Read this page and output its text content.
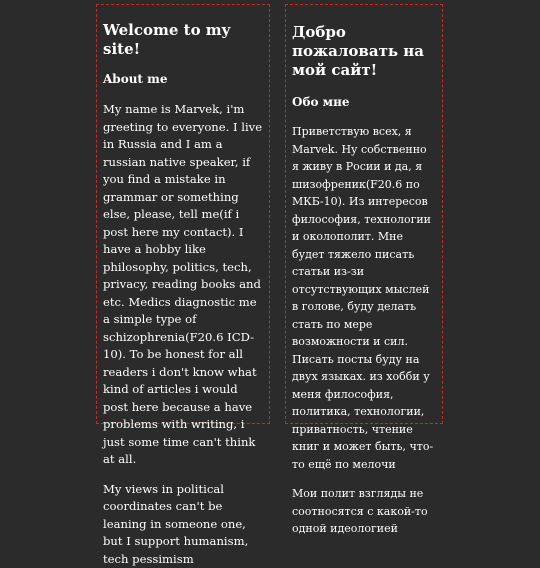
Welcome to my site!
About me

My name is Marvek, i'm greeting to everyone. I live in Russia and I am a russian native speaker, if you find a mistake in grammar or something else, please, tell me(if i post here my contact). I have a hobby like philosophy, politics, tech, privacy, reading books and etc. Medics diagnostic me a simple type of schizophrenia(F20.6 ICD-10). To be honest for all readers i don't know what kind of articles i would post here because a have problems with writing, i just some time can't think at all.

My views in political coordinates can't be leaning in someone one, but I support humanism, tech pessimism

Добро пожаловать на мой сайт!
Обо мне

Приветствую всех, я Marvek. Ну собственно я живу в Росии и да, я шизофреник(F20.6 по МКБ-10). Из интересов философия, технологии и околополит. Мне будет тяжело писать статьи из-зи отсутствующих мыслей в голове, буду делать стать по мере возможности и сил. Писать посты буду на двух языках. из хобби у меня философия, политика, технологии, приватность, чтение книг и может быть, что-то ещё по мелочи

Мои полит взгляды не соотносятся с какой-то одной идеологией
